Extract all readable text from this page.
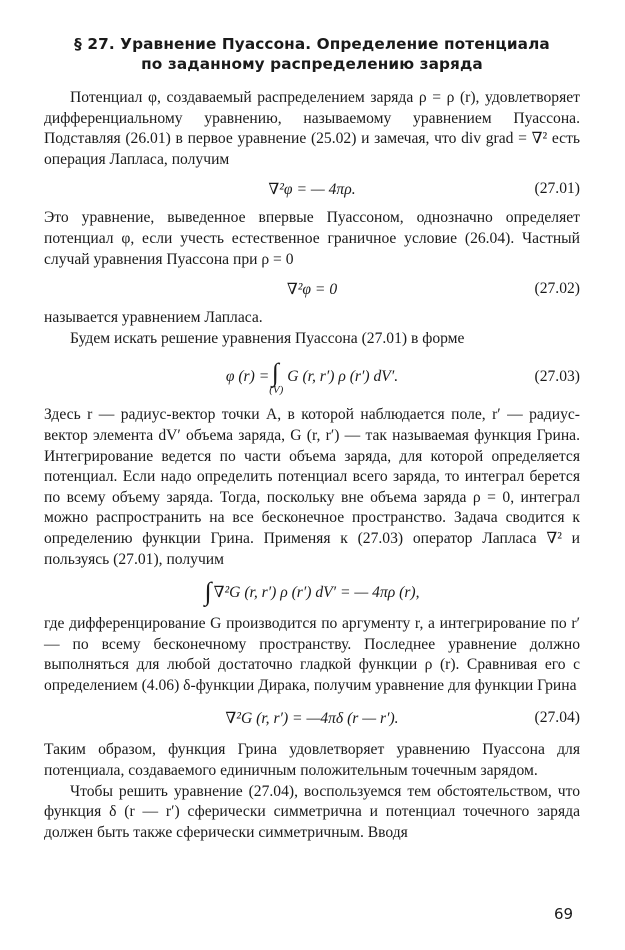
§ 27. Уравнение Пуассона. Определение потенциала
по заданному распределению заряда

Потенциал φ, создаваемый распределением заряда ρ = ρ (r), удовлетворяет дифференциальному уравнению, называемому уравнением Пуассона. Подставляя (26.01) в первое уравнение (25.02) и замечая, что div grad = ∇² есть операция Лапласа, получим

∇²φ = — 4πρ.	(27.01)

Это уравнение, выведенное впервые Пуассоном, однозначно определяет потенциал φ, если учесть естественное граничное условие (26.04). Частный случай уравнения Пуассона при ρ = 0

∇²φ = 0	(27.02)

называется уравнением Лапласа.

Будем искать решение уравнения Пуассона (27.01) в форме

φ (r) = ∫
(V)
G (r, r′) ρ (r′) dV′.	(27.03)

Здесь r — радиус-вектор точки A, в которой наблюдается поле, r′ — радиус-вектор элемента dV′ объема заряда, G (r, r′) — так называемая функция Грина. Интегрирование ведется по части объема заряда, для которой определяется потенциал. Если надо определить потенциал всего заряда, то интеграл берется по всему объему заряда. Тогда, поскольку вне объема заряда ρ = 0, интеграл можно распространить на все бесконечное пространство. Задача сводится к определению функции Грина. Применяя к (27.03) оператор Лапласа ∇² и пользуясь (27.01), получим

∫ ∇²G (r, r′) ρ (r′) dV′ = — 4πρ (r),

где дифференцирование G производится по аргументу r, а интегрирование по r′ — по всему бесконечному пространству. Последнее уравнение должно выполняться для любой достаточно гладкой функции ρ (r). Сравнивая его с определением (4.06) δ-функции Дирака, получим уравнение для функции Грина

∇²G (r, r′) = —4πδ (r — r′).	(27.04)

Таким образом, функция Грина удовлетворяет уравнению Пуассона для потенциала, создаваемого единичным положительным точечным зарядом.

Чтобы решить уравнение (27.04), воспользуемся тем обстоятельством, что функция δ (r — r′) сферически симметрична и потенциал точечного заряда должен быть также сферически симметричным. Вводя

69
